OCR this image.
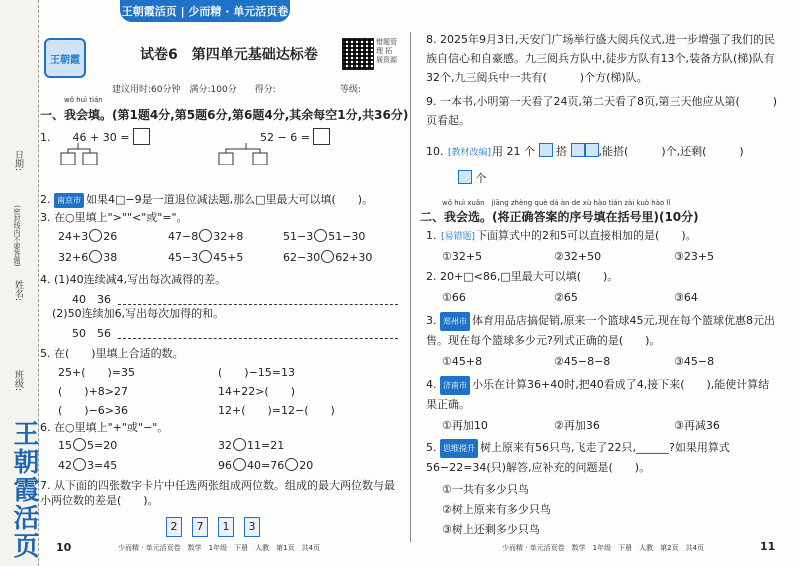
日期:
(密封线内不要答题)
姓名:
班级:
王朝霞活页
王朝霞活页 | 少而精 · 单元活页卷
王朝霞	试卷6　第四单元基础达标卷
错题管理 拓展资源
建议用时:60分钟　满分:100分　　得分:	等级:
wǒ huì tián
一、我会填。(第1题4分,第5题6分,第6题4分,其余每空1分,共36分)
1.　　46 + 30 =	52 − 6 =
2. 南京市 如果4□−9是一道退位减法题,那么□里最大可以填(　　)。
3. 在○里填上">""<"或"="。
24+3 26	47−8 32+8	51−3 51−30
32+6 38	45−3 45+5	62−30 62+30
4. (1)40连续减4,写出每次减得的差。
40　36
(2)50连续加6,写出每次加得的和。
50　56
5. 在(　　)里填上合适的数。
25+(　　)=35	(　　)−15=13
(　　)+8>27	14+22>(　　)
(　　)−6>36	12+(　　)=12−(　　)
6. 在○里填上"+"或"−"。
15 5=20	32 11=21
42 3=45	96 40=76 20
7. 从下面的四张数字卡片中任选两张组成两位数。组成的最大两位数与最小两位数的差是(　　)。
2 7 1 3
少而精 · 单元活页卷　数学　1年级　下册　人教　第1页　共4页
10
8. 2025年9月3日,天安门广场举行盛大阅兵仪式,进一步增强了我们的民族自信心和自豪感。九三阅兵方队中,徒步方队有13个,装备方队(梯)队有32个,九三阅兵中一共有(　　　)个方(梯)队。
9. 一本书,小明第一天看了24页,第二天看了8页,第三天他应从第(　　　)页看起。
10. [教材改编]用 21 个 搭	,能搭(　　　)个,还剩(　　　)
个
wǒ huì xuǎn　jiāng zhèng què dá àn de xù hào tián zài kuò hào lǐ
二、我会选。(将正确答案的序号填在括号里)(10分)
1. [易错题]下面算式中的2和5可以直接相加的是(　　)。
①32+5	②32+50	③23+5
2. 20+□<86,□里最大可以填(　　)。
①66	②65	③64
3. 郑州市 体育用品店搞促销,原来一个篮球45元,现在每个篮球优惠8元出售。现在每个篮球多少元?列式正确的是(　　)。
①45+8	②45−8−8	③45−8
4. 济南市 小乐在计算36+40时,把40看成了4,接下来(　　),能使计算结果正确。
①再加10	②再加36	③再减36
5. 思维提升 树上原来有56只鸟,飞走了22只,______?如果用算式56−22=34(只)解答,应补充的问题是(　　)。
①一共有多少只鸟
②树上原来有多少只鸟
③树上还剩多少只鸟
少而精 · 单元活页卷　数学　1年级　下册　人教　第2页　共4页	11
